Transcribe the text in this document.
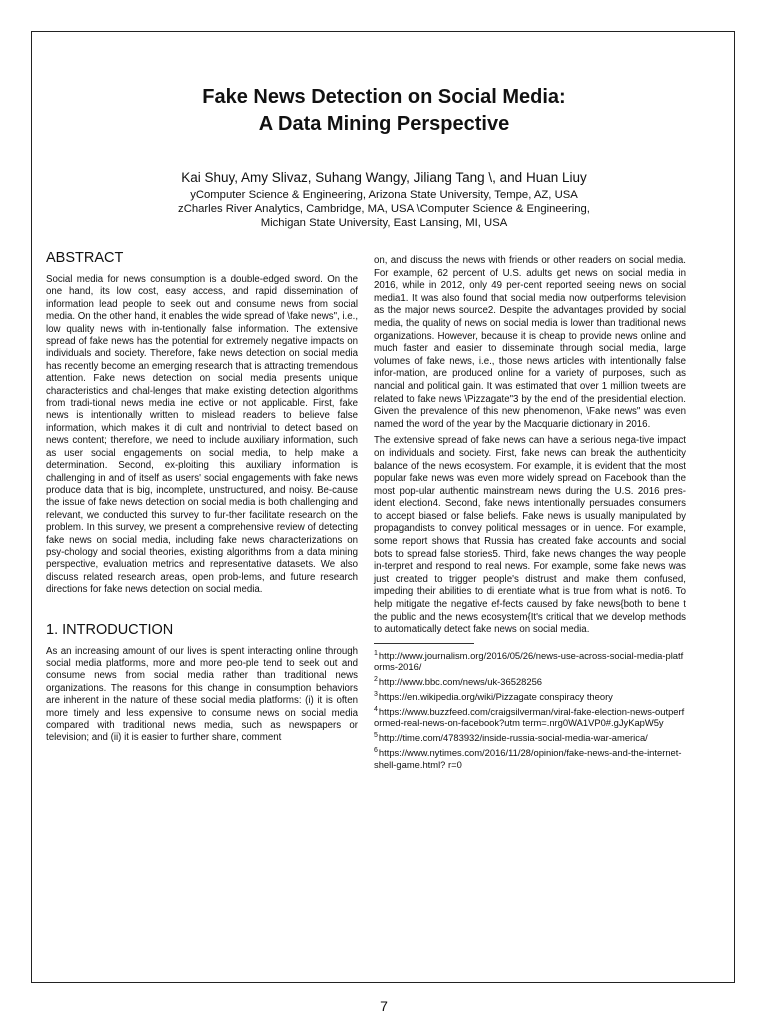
Fake News Detection on Social Media:
A Data Mining Perspective
Kai Shuy, Amy Slivaz, Suhang Wangy, Jiliang Tang \, and Huan Liuy
yComputer Science & Engineering, Arizona State University, Tempe, AZ, USA
zCharles River Analytics, Cambridge, MA, USA \Computer Science & Engineering,
Michigan State University, East Lansing, MI, USA
ABSTRACT

Social media for news consumption is a double-edged sword. On the one hand, its low cost, easy access, and rapid dissemination of information lead people to seek out and consume news from social media. On the other hand, it enables the wide spread of \fake news", i.e., low quality news with in-tentionally false information. The extensive spread of fake news has the potential for extremely negative impacts on individuals and society. Therefore, fake news detection on social media has recently become an emerging research that is attracting tremendous attention. Fake news detection on social media presents unique characteristics and chal-lenges that make existing detection algorithms from tradi-tional news media ine ective or not applicable. First, fake news is intentionally written to mislead readers to believe false information, which makes it di cult and nontrivial to detect based on news content; therefore, we need to include auxiliary information, such as user social engagements on social media, to help make a determination. Second, ex-ploiting this auxiliary information is challenging in and of itself as users' social engagements with fake news produce data that is big, incomplete, unstructured, and noisy. Be-cause the issue of fake news detection on social media is both challenging and relevant, we conducted this survey to fur-ther facilitate research on the problem. In this survey, we present a comprehensive review of detecting fake news on social media, including fake news characterizations on psy-chology and social theories, existing algorithms from a data mining perspective, evaluation metrics and representative datasets. We also discuss related research areas, open prob-lems, and future research directions for fake news detection on social media.

1. INTRODUCTION

As an increasing amount of our lives is spent interacting online through social media platforms, more and more peo-ple tend to seek out and consume news from social media rather than traditional news organizations. The reasons for this change in consumption behaviors are inherent in the nature of these social media platforms: (i) it is often more timely and less expensive to consume news on social media compared with traditional news media, such as newspapers or television; and (ii) it is easier to further share, comment

on, and discuss the news with friends or other readers on social media. For example, 62 percent of U.S. adults get news on social media in 2016, while in 2012, only 49 per-cent reported seeing news on social media1. It was also found that social media now outperforms television as the major news source2. Despite the advantages provided by social media, the quality of news on social media is lower than traditional news organizations. However, because it is cheap to provide news online and much faster and easier to disseminate through social media, large volumes of fake news, i.e., those news articles with intentionally false infor-mation, are produced online for a variety of purposes, such as nancial and political gain. It was estimated that over 1 million tweets are related to fake news \Pizzagate"3 by the end of the presidential election. Given the prevalence of this new phenomenon, \Fake news" was even named the word of the year by the Macquarie dictionary in 2016.

The extensive spread of fake news can have a serious nega-tive impact on individuals and society. First, fake news can break the authenticity balance of the news ecosystem. For example, it is evident that the most popular fake news was even more widely spread on Facebook than the most pop-ular authentic mainstream news during the U.S. 2016 pres-ident election4. Second, fake news intentionally persuades consumers to accept biased or false beliefs. Fake news is usually manipulated by propagandists to convey political messages or in uence. For example, some report shows that Russia has created fake accounts and social bots to spread false stories5. Third, fake news changes the way people in-terpret and respond to real news. For example, some fake news was just created to trigger people's distrust and make them confused, impeding their abilities to di erentiate what is true from what is not6. To help mitigate the negative ef-fects caused by fake news{both to bene t the public and the news ecosystem{It's critical that we develop methods to automatically detect fake news on social media.

$^1$http://www.journalism.org/2016/05/26/news-use-across-social-media-platforms-2016/
$^2$http://www.bbc.com/news/uk-36528256
$^3$https://en.wikipedia.org/wiki/Pizzagate conspiracy theory
$^4$https://www.buzzfeed.com/craigsilverman/viral-fake-election-news-outperformed-real-news-on-facebook?utm term=.nrg0WA1VP0#.gJyKapW5y
$^5$http://time.com/4783932/inside-russia-social-media-war-america/
$^6$https://www.nytimes.com/2016/11/28/opinion/fake-news-and-the-internet-shell-game.html? r=0
7
